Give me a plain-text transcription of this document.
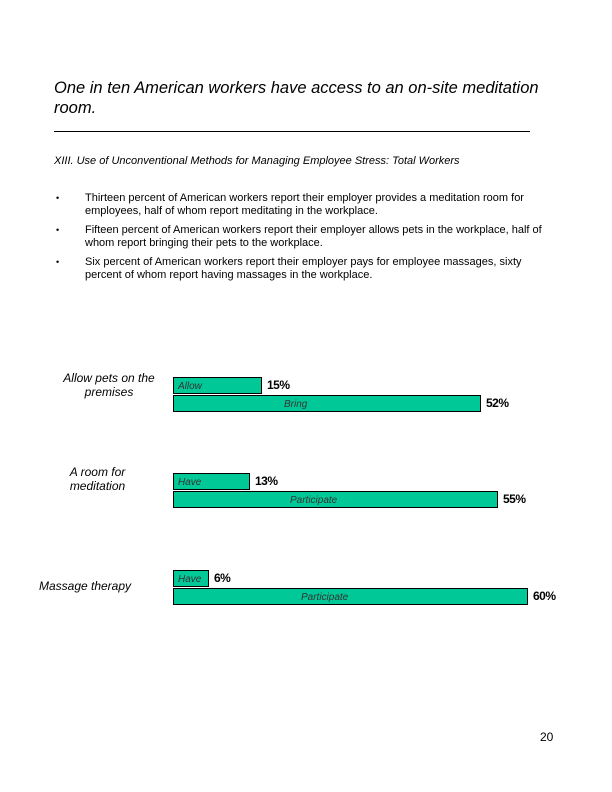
One in ten American workers have access to an on-site meditation room.

XIII. Use of Unconventional Methods for Managing Employee Stress: Total Workers

• Thirteen percent of American workers report their employer provides a meditation room for employees, half of whom report meditating in the workplace.
• Fifteen percent of American workers report their employer allows pets in the workplace, half of whom report bringing their pets to the workplace.
• Six percent of American workers report their employer pays for employee massages, sixty percent of whom report having massages in the workplace.
Allow pets on the premises	Allow	15%
Bring	52%
A room for meditation	Have	13%
Participate	55%
Massage therapy	Have 6%
Participate	60%
20
